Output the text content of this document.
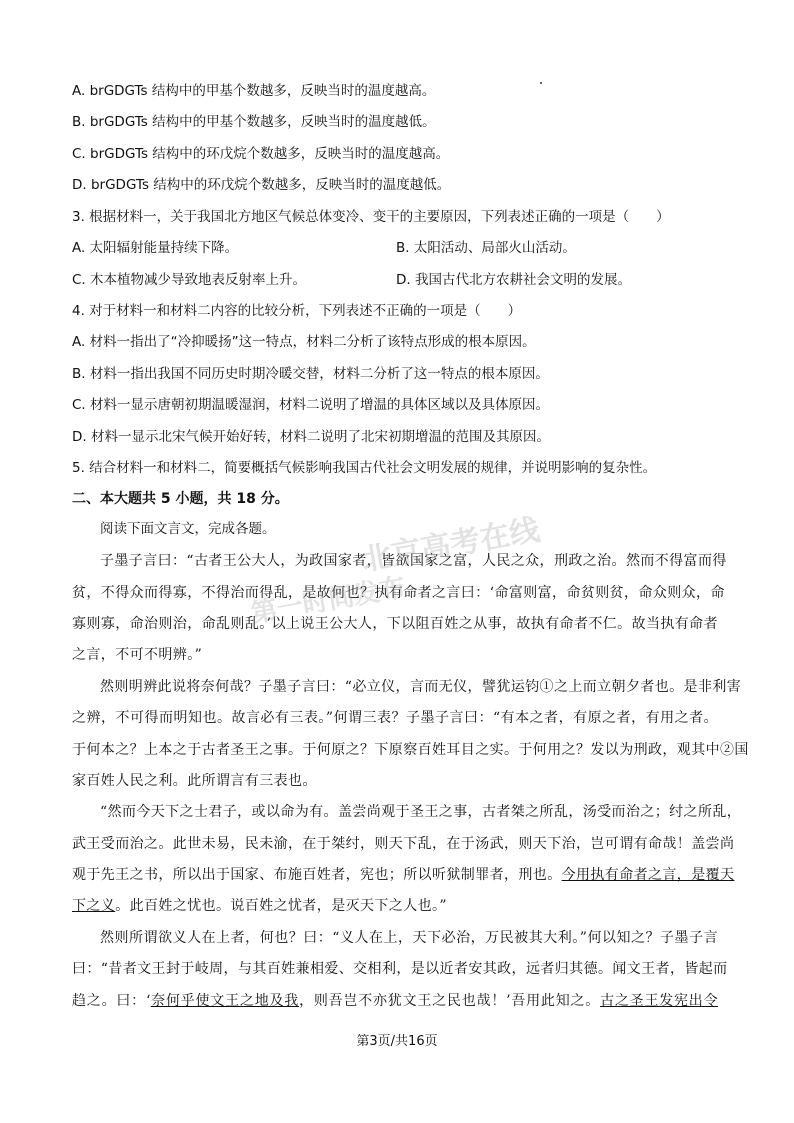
A. brGDGTs 结构中的甲基个数越多，反映当时的温度越高。
B. brGDGTs 结构中的甲基个数越多，反映当时的温度越低。
C. brGDGTs 结构中的环戊烷个数越多，反映当时的温度越高。
D. brGDGTs 结构中的环戊烷个数越多，反映当时的温度越低。
3. 根据材料一，关于我国北方地区气候总体变冷、变干的主要原因，下列表述正确的一项是（　　）
A. 太阳辐射能量持续下降。	B. 太阳活动、局部火山活动。
C. 木本植物减少导致地表反射率上升。	D. 我国古代北方农耕社会文明的发展。
4. 对于材料一和材料二内容的比较分析，下列表述不正确的一项是（　　）
A. 材料一指出了“冷抑暖扬”这一特点，材料二分析了该特点形成的根本原因。
B. 材料一指出我国不同历史时期冷暖交替，材料二分析了这一特点的根本原因。
C. 材料一显示唐朝初期温暖湿润，材料二说明了增温的具体区域以及具体原因。
D. 材料一显示北宋气候开始好转，材料二说明了北宋初期增温的范围及其原因。
5. 结合材料一和材料二，简要概括气候影响我国古代社会文明发展的规律，并说明影响的复杂性。
二、本大题共 5 小题，共 18 分。
阅读下面文言文，完成各题。
子墨子言曰：“古者王公大人，为政国家者，皆欲国家之富，人民之众，刑政之治。然而不得富而得
贫，不得众而得寡，不得治而得乱，是故何也？执有命者之言曰：‘命富则富，命贫则贫，命众则众，命
寡则寡，命治则治，命乱则乱。’以上说王公大人，下以阻百姓之从事，故执有命者不仁。故当执有命者
之言，不可不明辨。”
然则明辨此说将奈何哉？子墨子言曰：“必立仪，言而无仪，譬犹运钧①之上而立朝夕者也。是非利害
之辨，不可得而明知也。故言必有三表。”何谓三表？子墨子言曰：“有本之者，有原之者，有用之者。
于何本之？上本之于古者圣王之事。于何原之？下原察百姓耳目之实。于何用之？发以为刑政，观其中②国
家百姓人民之利。此所谓言有三表也。
“然而今天下之士君子，或以命为有。盖尝尚观于圣王之事，古者桀之所乱，汤受而治之；纣之所乱，
武王受而治之。此世未易，民未渝，在于桀纣，则天下乱，在于汤武，则天下治，岂可谓有命哉！盖尝尚
观于先王之书，所以出于国家、布施百姓者，宪也；所以听狱制罪者，刑也。今用执有命者之言，是覆天
下之义。此百姓之忧也。说百姓之忧者，是灭天下之人也。”
然则所谓欲义人在上者，何也？曰：“义人在上，天下必治，万民被其大利。”何以知之？子墨子言
曰：“昔者文王封于岐周，与其百姓兼相爱、交相利，是以近者安其政，远者归其德。闻文王者，皆起而
趋之。曰：‘奈何乎使文王之地及我，则吾岂不亦犹文王之民也哉！’吾用此知之。古之圣王发宪出令
北京高考在线
第一时间发布
第3页/共16页
